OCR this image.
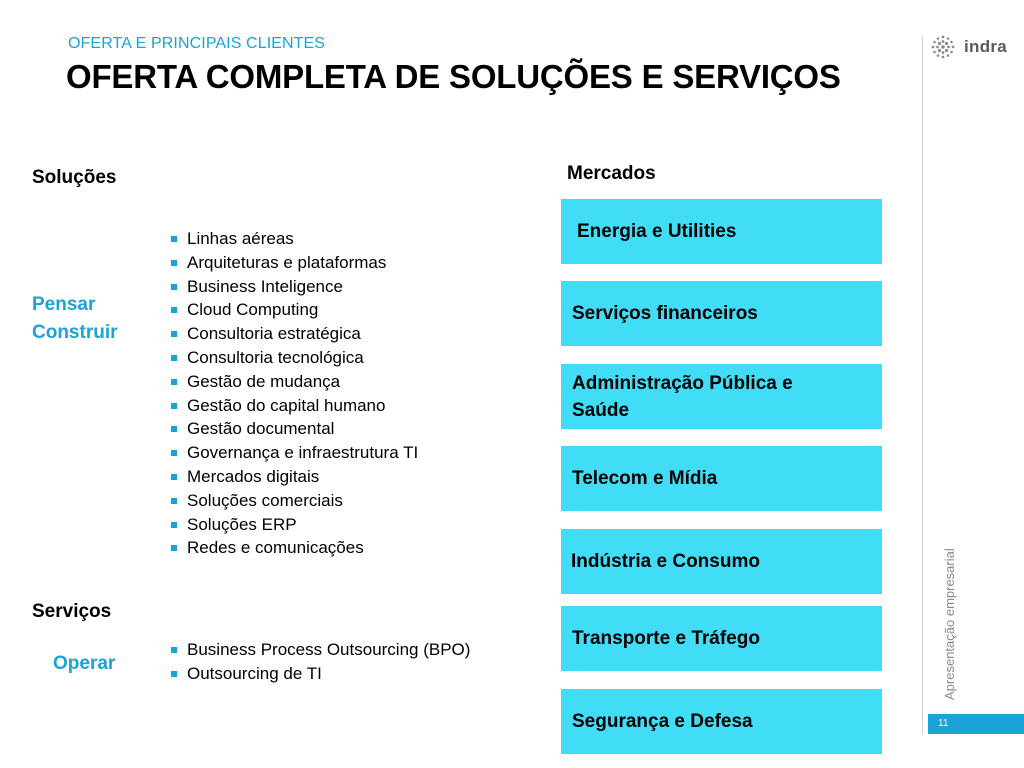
OFERTA E PRINCIPAIS CLIENTES
OFERTA COMPLETA DE SOLUÇÕES E SERVIÇOS
indra
Apresentação empresarial
11
Soluções
Pensar
Construir
Linhas aéreas
Arquiteturas e plataformas
Business Inteligence
Cloud Computing
Consultoria estratégica
Consultoria tecnológica
Gestão de mudança
Gestão do capital humano
Gestão documental
Governança e infraestrutura TI
Mercados digitais
Soluções comerciais
Soluções ERP
Redes e comunicações
Serviços
Operar
Business Process Outsourcing (BPO)
Outsourcing de TI
Mercados
Energia e Utilities
Serviços financeiros
Administração Pública e Saúde
Telecom e Mídia
Indústria e Consumo
Transporte e Tráfego
Segurança e Defesa
